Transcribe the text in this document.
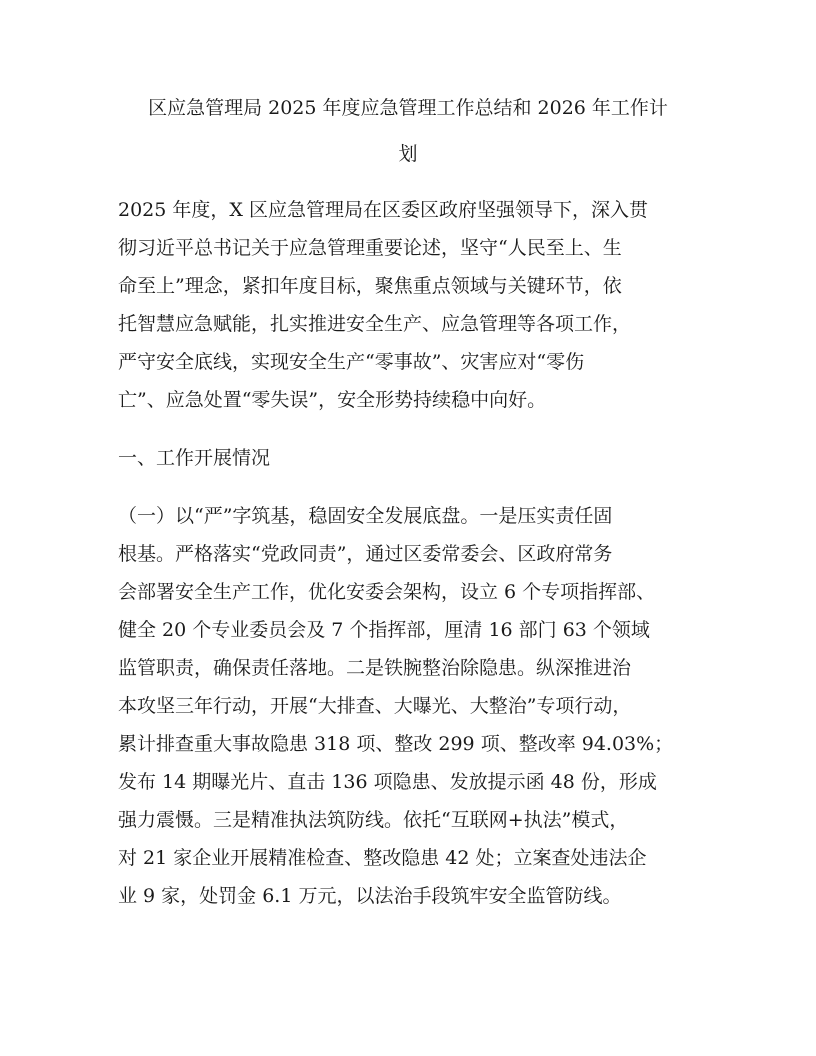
区应急管理局 2025 年度应急管理工作总结和 2026 年工作计
划
2025 年度，X 区应急管理局在区委区政府坚强领导下，深入贯
彻习近平总书记关于应急管理重要论述，坚守“人民至上、生
命至上”理念，紧扣年度目标，聚焦重点领域与关键环节，依
托智慧应急赋能，扎实推进安全生产、应急管理等各项工作，
严守安全底线，实现安全生产“零事故”、灾害应对“零伤
亡”、应急处置“零失误”，安全形势持续稳中向好。
一、工作开展情况
（一）以“严”字筑基，稳固安全发展底盘。一是压实责任固
根基。严格落实“党政同责”，通过区委常委会、区政府常务
会部署安全生产工作，优化安委会架构，设立 6 个专项指挥部、
健全 20 个专业委员会及 7 个指挥部，厘清 16 部门 63 个领域
监管职责，确保责任落地。二是铁腕整治除隐患。纵深推进治
本攻坚三年行动，开展“大排查、大曝光、大整治”专项行动，
累计排查重大事故隐患 318 项、整改 299 项、整改率 94.03%；
发布 14 期曝光片、直击 136 项隐患、发放提示函 48 份，形成
强力震慑。三是精准执法筑防线。依托“互联网+执法”模式，
对 21 家企业开展精准检查、整改隐患 42 处；立案查处违法企
业 9 家，处罚金 6.1 万元，以法治手段筑牢安全监管防线。
